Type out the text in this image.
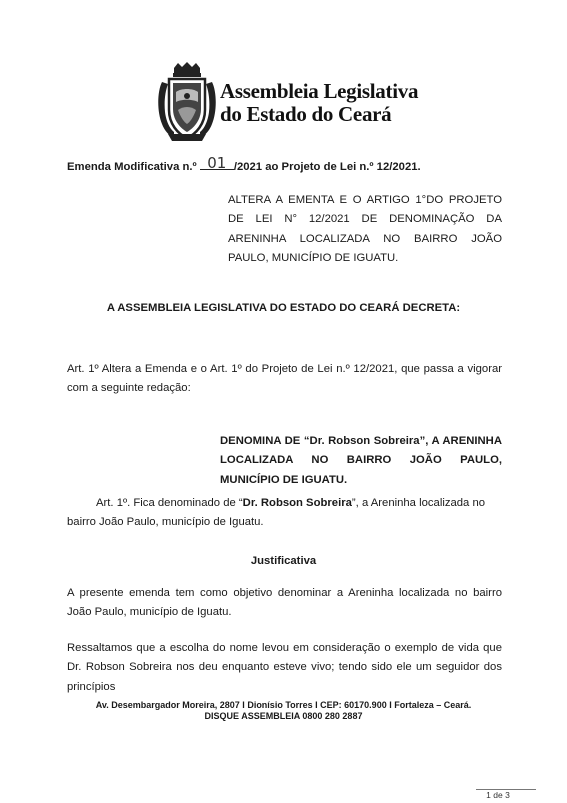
Assembleia Legislativa
do Estado do Ceará
Emenda Modificativa n.º 01 /2021 ao Projeto de Lei n.º 12/2021.
ALTERA A EMENTA E O ARTIGO 1°DO PROJETO DE LEI N° 12/2021 DE DENOMINAÇÃO DA ARENINHA LOCALIZADA NO BAIRRO JOÃO PAULO, MUNICÍPIO DE IGUATU.
A ASSEMBLEIA LEGISLATIVA DO ESTADO DO CEARÁ DECRETA:
Art. 1º Altera a Emenda e o Art. 1º do Projeto de Lei n.º 12/2021, que passa a vigorar com a seguinte redação:
DENOMINA DE “Dr. Robson Sobreira”, A ARENINHA LOCALIZADA NO BAIRRO JOÃO PAULO, MUNICÍPIO DE IGUATU.
Art. 1º. Fica denominado de “Dr. Robson Sobreira”, a Areninha localizada no bairro João Paulo, município de Iguatu.
Justificativa
A presente emenda tem como objetivo denominar a Areninha localizada no bairro João Paulo, município de Iguatu.
Ressaltamos que a escolha do nome levou em consideração o exemplo de vida que Dr. Robson Sobreira nos deu enquanto esteve vivo; tendo sido ele um seguidor dos princípios
Av. Desembargador Moreira, 2807 I Dionísio Torres I CEP: 60170.900 I Fortaleza – Ceará.
DISQUE ASSEMBLEIA 0800 280 2887
1 de 3
